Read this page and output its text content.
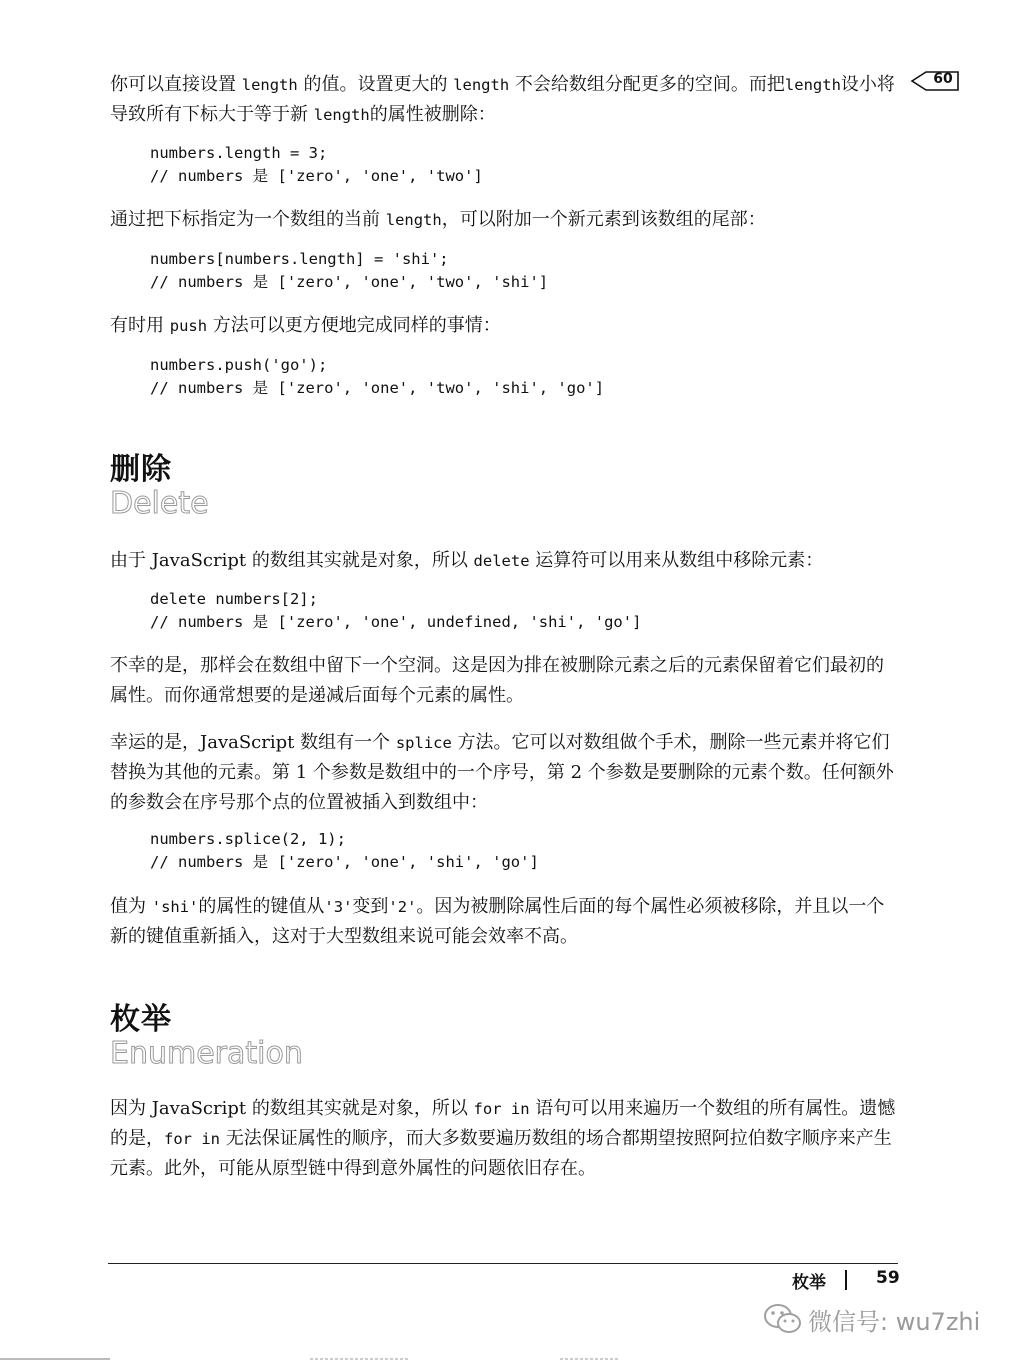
60

你可以直接设置 length 的值。设置更大的 length 不会给数组分配更多的空间。而把length设小将导致所有下标大于等于新 length的属性被删除：

numbers.length = 3;
// numbers 是 ['zero', 'one', 'two']

通过把下标指定为一个数组的当前 length，可以附加一个新元素到该数组的尾部：

numbers[numbers.length] = 'shi';
// numbers 是 ['zero', 'one', 'two', 'shi']

有时用 push 方法可以更方便地完成同样的事情：

numbers.push('go');
// numbers 是 ['zero', 'one', 'two', 'shi', 'go']
删除
Delete

由于 JavaScript 的数组其实就是对象，所以 delete 运算符可以用来从数组中移除元素：

delete numbers[2];
// numbers 是 ['zero', 'one', undefined, 'shi', 'go']

不幸的是，那样会在数组中留下一个空洞。这是因为排在被删除元素之后的元素保留着它们最初的属性。而你通常想要的是递减后面每个元素的属性。

幸运的是，JavaScript 数组有一个 splice 方法。它可以对数组做个手术，删除一些元素并将它们替换为其他的元素。第 1 个参数是数组中的一个序号，第 2 个参数是要删除的元素个数。任何额外的参数会在序号那个点的位置被插入到数组中：

numbers.splice(2, 1);
// numbers 是 ['zero', 'one', 'shi', 'go']

值为 'shi'的属性的键值从'3'变到'2'。因为被删除属性后面的每个属性必须被移除，并且以一个新的键值重新插入，这对于大型数组来说可能会效率不高。

枚举
Enumeration

因为 JavaScript 的数组其实就是对象，所以 for in 语句可以用来遍历一个数组的所有属性。遗憾的是，for in 无法保证属性的顺序，而大多数要遍历数组的场合都期望按照阿拉伯数字顺序来产生元素。此外，可能从原型链中得到意外属性的问题依旧存在。

枚举	59
微信号: wu7zhi
